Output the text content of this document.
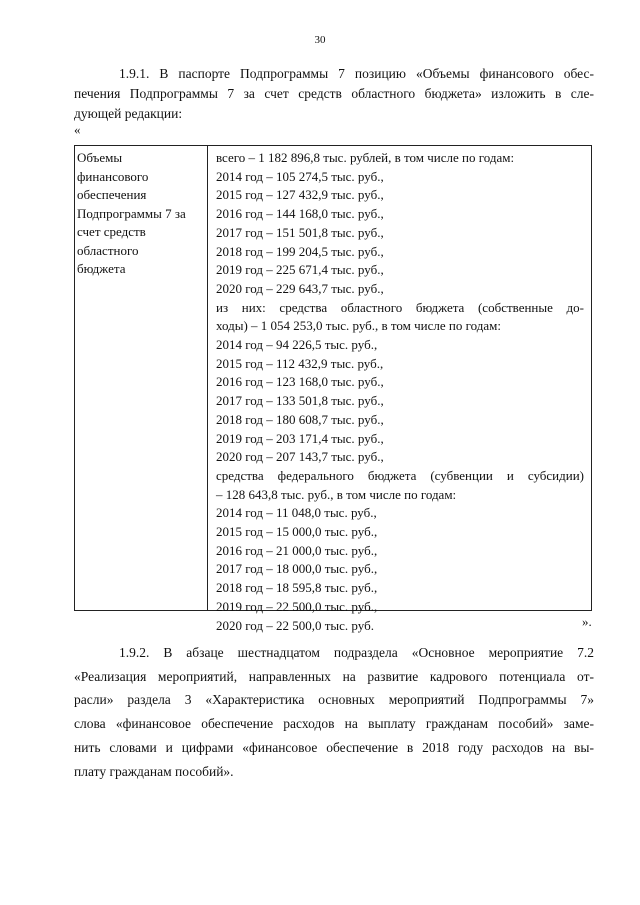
30
1.9.1. В паспорте Подпрограммы 7 позицию «Объемы финансового обес-
печения Подпрограммы 7 за счет средств областного бюджета» изложить в сле-
дующей редакции:
«
Объемы
финансового
обеспечения
Подпрограммы 7 за
счет средств
областного
бюджета
всего – 1 182 896,8 тыс. рублей, в том числе по годам:
2014 год – 105 274,5 тыс. руб.,
2015 год – 127 432,9 тыс. руб.,
2016 год – 144 168,0 тыс. руб.,
2017 год – 151 501,8 тыс. руб.,
2018 год – 199 204,5 тыс. руб.,
2019 год – 225 671,4 тыс. руб.,
2020 год – 229 643,7 тыс. руб.,
из них: средства областного бюджета (собственные до-
ходы) – 1 054 253,0 тыс. руб., в том числе по годам:
2014 год – 94 226,5 тыс. руб.,
2015 год – 112 432,9 тыс. руб.,
2016 год – 123 168,0 тыс. руб.,
2017 год – 133 501,8 тыс. руб.,
2018 год – 180 608,7 тыс. руб.,
2019 год – 203 171,4 тыс. руб.,
2020 год – 207 143,7 тыс. руб.,
средства федерального бюджета (субвенции и субсидии)
– 128 643,8 тыс. руб., в том числе по годам:
2014 год – 11 048,0 тыс. руб.,
2015 год – 15 000,0 тыс. руб.,
2016 год – 21 000,0 тыс. руб.,
2017 год – 18 000,0 тыс. руб.,
2018 год – 18 595,8 тыс. руб.,
2019 год – 22 500,0 тыс. руб.,
2020 год – 22 500,0 тыс. руб.	».
1.9.2. В абзаце шестнадцатом подраздела «Основное мероприятие 7.2
«Реализация мероприятий, направленных на развитие кадрового потенциала от-
расли» раздела 3 «Характеристика основных мероприятий Подпрограммы 7»
слова «финансовое обеспечение расходов на выплату гражданам пособий» заме-
нить словами и цифрами «финансовое обеспечение в 2018 году расходов на вы-
плату гражданам пособий».
